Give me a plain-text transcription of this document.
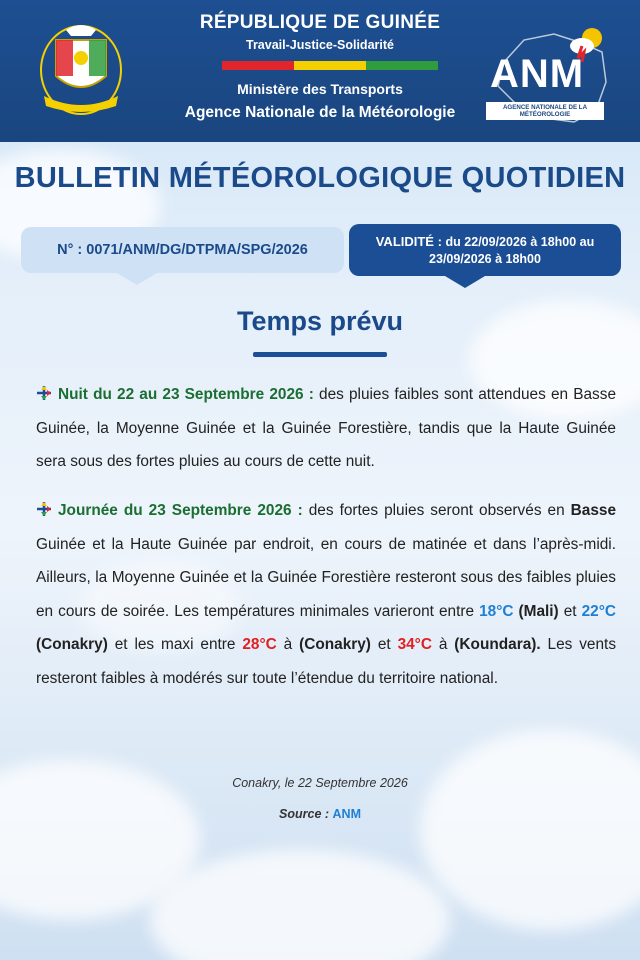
RÉPUBLIQUE DE GUINÉE
Travail-Justice-Solidarité
Ministère des Transports
Agence Nationale de la Météorologie
ANM
AGENCE NATIONALE DE LA MÉTÉOROLOGIE
BULLETIN MÉTÉOROLOGIQUE QUOTIDIEN
N° : 0071/ANM/DG/DTPMA/SPG/2026
VALIDITÉ : du 22/09/2026 à 18h00 au
23/09/2026 à 18h00
Temps prévu
Nuit du 22 au 23 Septembre 2026 : des pluies faibles sont attendues en Basse Guinée, la Moyenne Guinée et la Guinée Forestière, tandis que la Haute Guinée sera sous des fortes pluies au cours de cette nuit.
Journée du 23 Septembre 2026 : des fortes pluies seront observés en Basse Guinée et la Haute Guinée par endroit, en cours de matinée et dans l’après-midi. Ailleurs, la Moyenne Guinée et la Guinée Forestière resteront sous des faibles pluies en cours de soirée. Les températures minimales varieront entre 18°C (Mali) et 22°C (Conakry) et les maxi entre 28°C à (Conakry) et 34°C à (Koundara). Les vents resteront faibles à modérés sur toute l’étendue du territoire national.
Conakry, le 22 Septembre 2026
Source : ANM
